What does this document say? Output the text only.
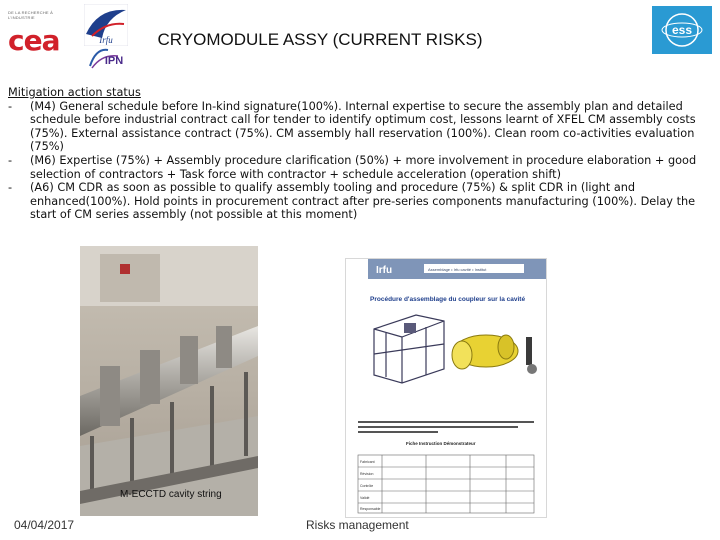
DE LA RECHERCHE À L'INDUSTRIE
cea	Irfu
IPN
CRYOMODULE ASSY (CURRENT RISKS)	ess
Mitigation action status
- (M4) General schedule before In-kind signature(100%). Internal expertise to secure the assembly plan and detailed schedule before industrial contract call for tender to identify optimum cost, lessons learnt of XFEL CM assembly costs (75%). External assistance contract (75%). CM assembly hall reservation (100%). Clean room co-activities evaluation (75%)
- (M6) Expertise (75%) + Assembly procedure clarification (50%) + more involvement in procedure elaboration + good selection of contractors + Task force with contractor + schedule acceleration (operation shift)
- (A6) CM CDR as soon as possible to qualify assembly tooling and procedure (75%) & split CDR in (light and enhanced(100%). Hold points in procurement contract after pre-series components manufacturing (100%). Delay the start of CM series assembly (not possible at this moment)
M-ECCTD cavity string
Irfu	Assemblage • Irfu cavité • Institut
Procédure d'assemblage du coupleur sur la cavité
Fiche Instruction Démonstrateur
Fabricant
Révision
Contrôle
Validé
Responsable
04/04/2017	Risks management
